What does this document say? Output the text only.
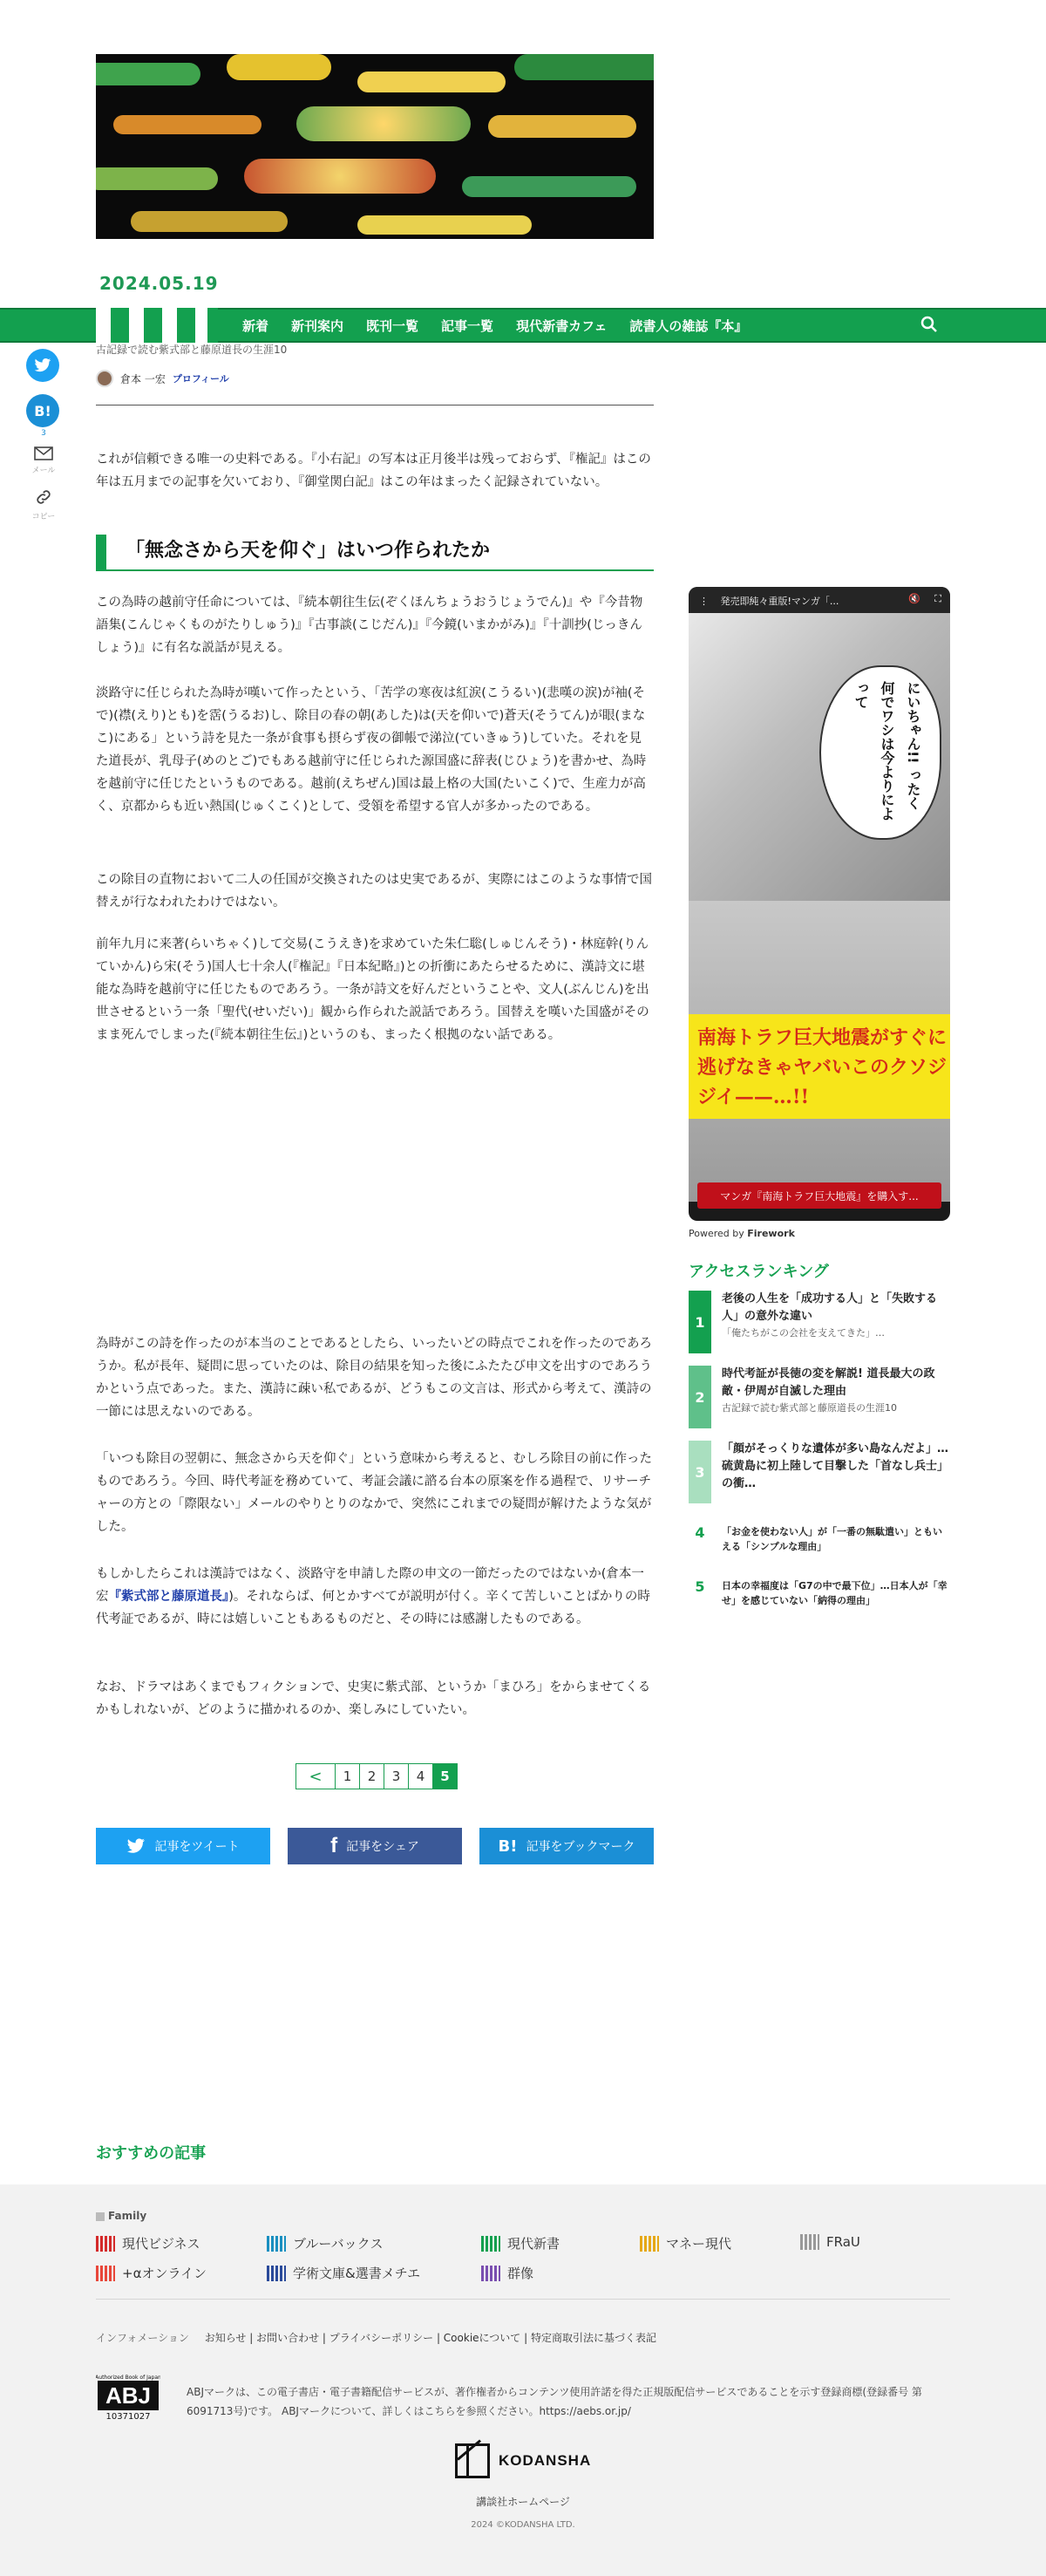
2024.05.19
新着 新刊案内 既刊一覧 記事一覧 現代新書カフェ 読書人の雑誌『本』
古記録で読む紫式部と藤原道長の生涯10
倉本 一宏 プロフィール
B!
3
メール
コピー

これが信頼できる唯一の史料である。『小右記』の写本は正月後半は残っておらず、『権記』はこの年は五月までの記事を欠いており、『御堂関白記』はこの年はまったく記録されていない。

「無念さから天を仰ぐ」はいつ作られたか

この為時の越前守任命については、『続本朝往生伝(ぞくほんちょうおうじょうでん)』や『今昔物語集(こんじゃくものがたりしゅう)』『古事談(こじだん)』『今鏡(いまかがみ)』『十訓抄(じっきんしょう)』に有名な説話が見える。

淡路守に任じられた為時が嘆いて作ったという、「苦学の寒夜は紅涙(こうるい)(悲嘆の涙)が袖(そで)(襟(えり)とも)を霑(うるお)し、除目の春の朝(あした)は(天を仰いで)蒼天(そうてん)が眼(まなこ)にある」という詩を見た一条が食事も摂らず夜の御帳で涕泣(ていきゅう)していた。それを見た道長が、乳母子(めのとご)でもある越前守に任じられた源国盛に辞表(じひょう)を書かせ、為時を越前守に任じたというものである。越前(えちぜん)国は最上格の大国(たいこく)で、生産力が高く、京都からも近い熱国(じゅくこく)として、受領を希望する官人が多かったのである。

この除目の直物において二人の任国が交換されたのは史実であるが、実際にはこのような事情で国替えが行なわれたわけではない。

前年九月に来著(らいちゃく)して交易(こうえき)を求めていた朱仁聡(しゅじんそう)・林庭幹(りんていかん)ら宋(そう)国人七十余人(『権記』『日本紀略』)との折衝にあたらせるために、漢詩文に堪能な為時を越前守に任じたものであろう。一条が詩文を好んだということや、文人(ぶんじん)を出世させるという一条「聖代(せいだい)」観から作られた説話であろう。国替えを嘆いた国盛がそのまま死んでしまった(『続本朝往生伝』)というのも、まったく根拠のない話である。

為時がこの詩を作ったのが本当のことであるとしたら、いったいどの時点でこれを作ったのであろうか。私が長年、疑問に思っていたのは、除目の結果を知った後にふたたび申文を出すのであろうかという点であった。また、漢詩に疎い私であるが、どうもこの文言は、形式から考えて、漢詩の一節には思えないのである。

「いつも除目の翌朝に、無念さから天を仰ぐ」という意味から考えると、むしろ除目の前に作ったものであろう。今回、時代考証を務めていて、考証会議に諮る台本の原案を作る過程で、リサーチャーの方との「際限ない」メールのやりとりのなかで、突然にこれまでの疑問が解けたような気がした。

もしかしたらこれは漢詩ではなく、淡路守を申請した際の申文の一節だったのではないか(倉本一宏『紫式部と藤原道長』)。それならば、何とかすべてが説明が付く。辛くて苦しいことばかりの時代考証であるが、時には嬉しいこともあるものだと、その時には感謝したものである。

なお、ドラマはあくまでもフィクションで、史実に紫式部、というか「まひろ」をからませてくるかもしれないが、どのように描かれるのか、楽しみにしていたい。

<	1	2	3	4	5
記事をツイート	f 記事をシェア	B! 記事をブックマーク
にいちゃん!! ったく何でワシは今よりによって
南海トラフ巨大地震がすぐに逃げなきゃヤバいこのクソジジイ——…!!
⋮ 発売即純々重版!マンガ「...	🔇 ⛶
マンガ『南海トラフ巨大地震』を購入す...
Powered by Firework
アクセスランキング
1
老後の人生を「成功する人」と「失敗する人」の意外な違い
「俺たちがこの会社を支えてきた」…
2
時代考証が長徳の変を解説! 道長最大の政敵・伊周が自滅した理由
古記録で読む紫式部と藤原道長の生涯10
3
「顔がそっくりな遺体が多い島なんだよ」…硫黄島に初上陸して目撃した「首なし兵士」の衝…
4	「お金を使わない人」が「一番の無駄遣い」ともいえる「シンプルな理由」
5	日本の幸福度は「G7の中で最下位」…日本人が「幸せ」を感じていない「納得の理由」
おすすめの記事
Family
現代ビジネス	ブルーバックス	現代新書	マネー現代	FRaU
+αオンライン	学術文庫&選書メチエ	群像
インフォメーション お知らせ | お問い合わせ | プライバシーポリシー | Cookieについて | 特定商取引法に基づく表記
Authorized Book of Japan
ABJ
10371027
ABJマークは、この電子書店・電子書籍配信サービスが、著作権者からコンテンツ使用許諾を得た正規版配信サービスであることを示す登録商標(登録番号 第6091713号)です。 ABJマークについて、詳しくはこちらを参照ください。https://aebs.or.jp/
KODANSHA
講談社ホームページ
2024 ©KODANSHA LTD.
